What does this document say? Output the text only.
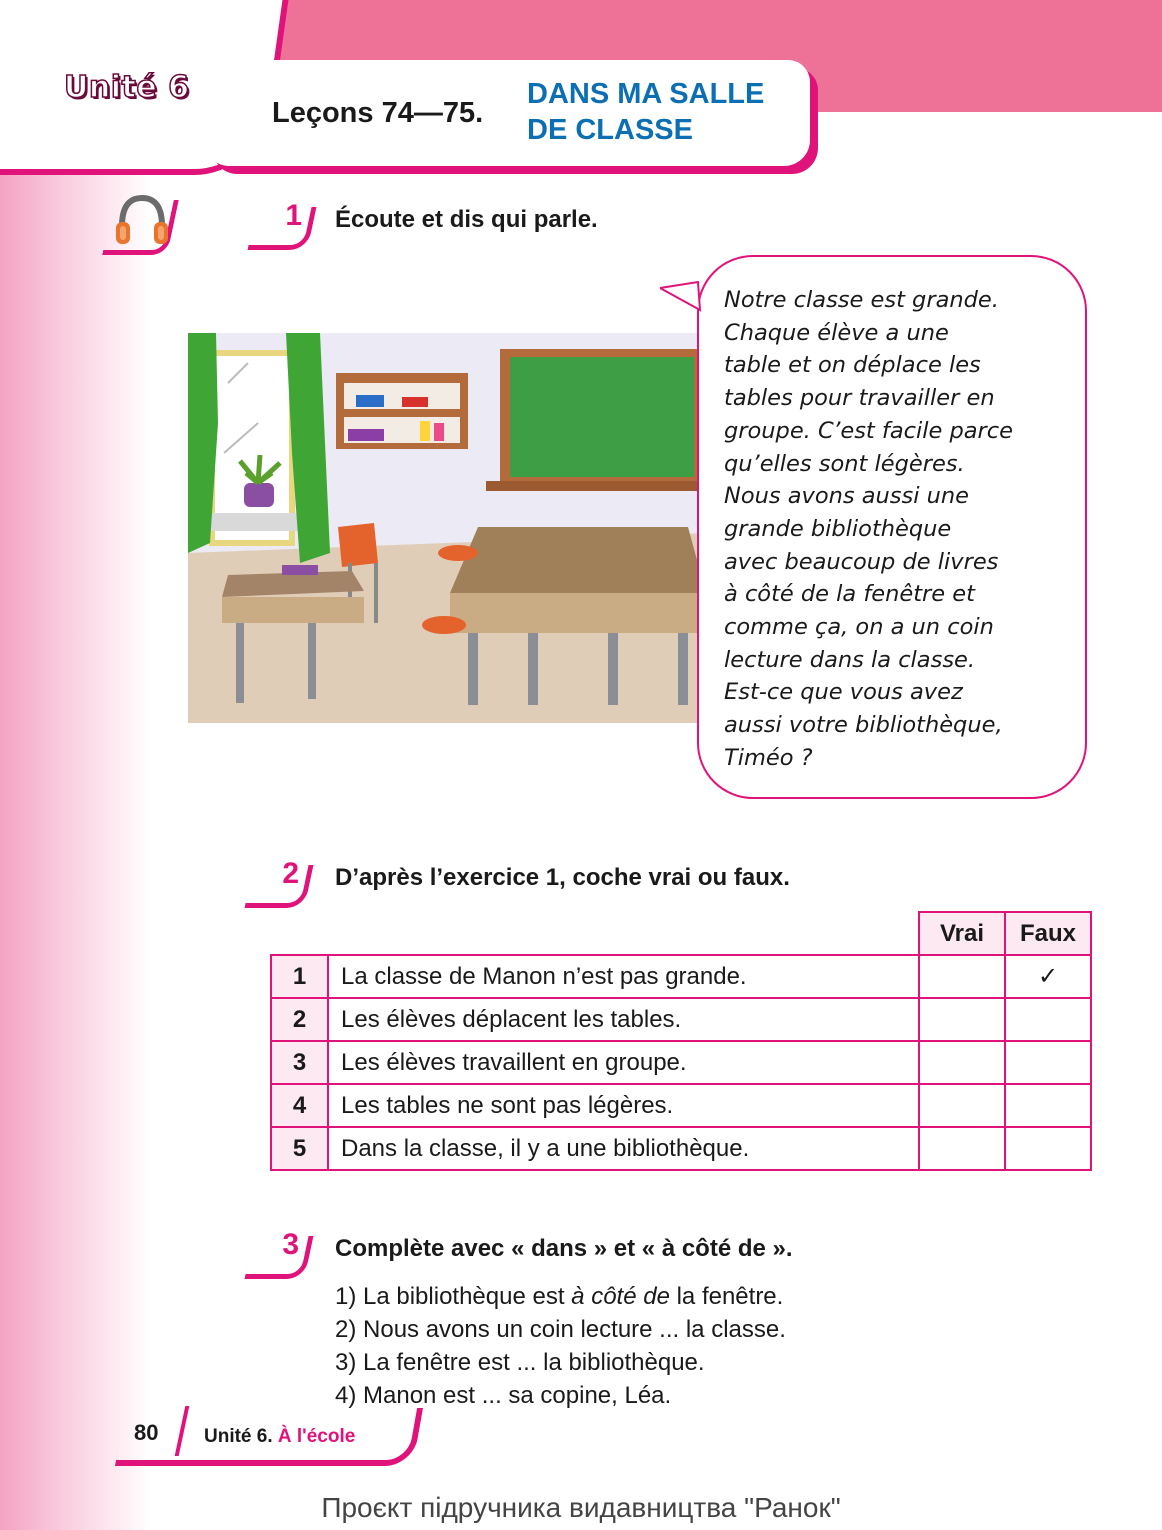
Unité 6
Leçons 74—75.
DANS MA SALLE
DE CLASSE
1 Écoute et dis qui parle.
Notre classe est grande.
Chaque élève a une
table et on déplace les
tables pour travailler en
groupe. C’est facile parce
qu’elles sont légères.
Nous avons aussi une
grande bibliothèque
avec beaucoup de livres
à côté de la fenêtre et
comme ça, on a un coin
lecture dans la classe.
Est-ce que vous avez
aussi votre bibliothèque,
Timéo ?
2 D’après l’exercice 1, coche vrai ou faux.
		Vrai	Faux
1	La classe de Manon n’est pas grande.		✓
2	Les élèves déplacent les tables.		
3	Les élèves travaillent en groupe.		
4	Les tables ne sont pas légères.		
5	Dans la classe, il y a une bibliothèque.		
3 Complète avec « dans » et « à côté de ».
1) La bibliothèque est à côté de la fenêtre.
2) Nous avons un coin lecture ... la classe.
3) La fenêtre est ... la bibliothèque.
4) Manon est ... sa copine, Léa.
80 Unité 6. À l'école
Проєкт підручника видавництва "Ранок"
